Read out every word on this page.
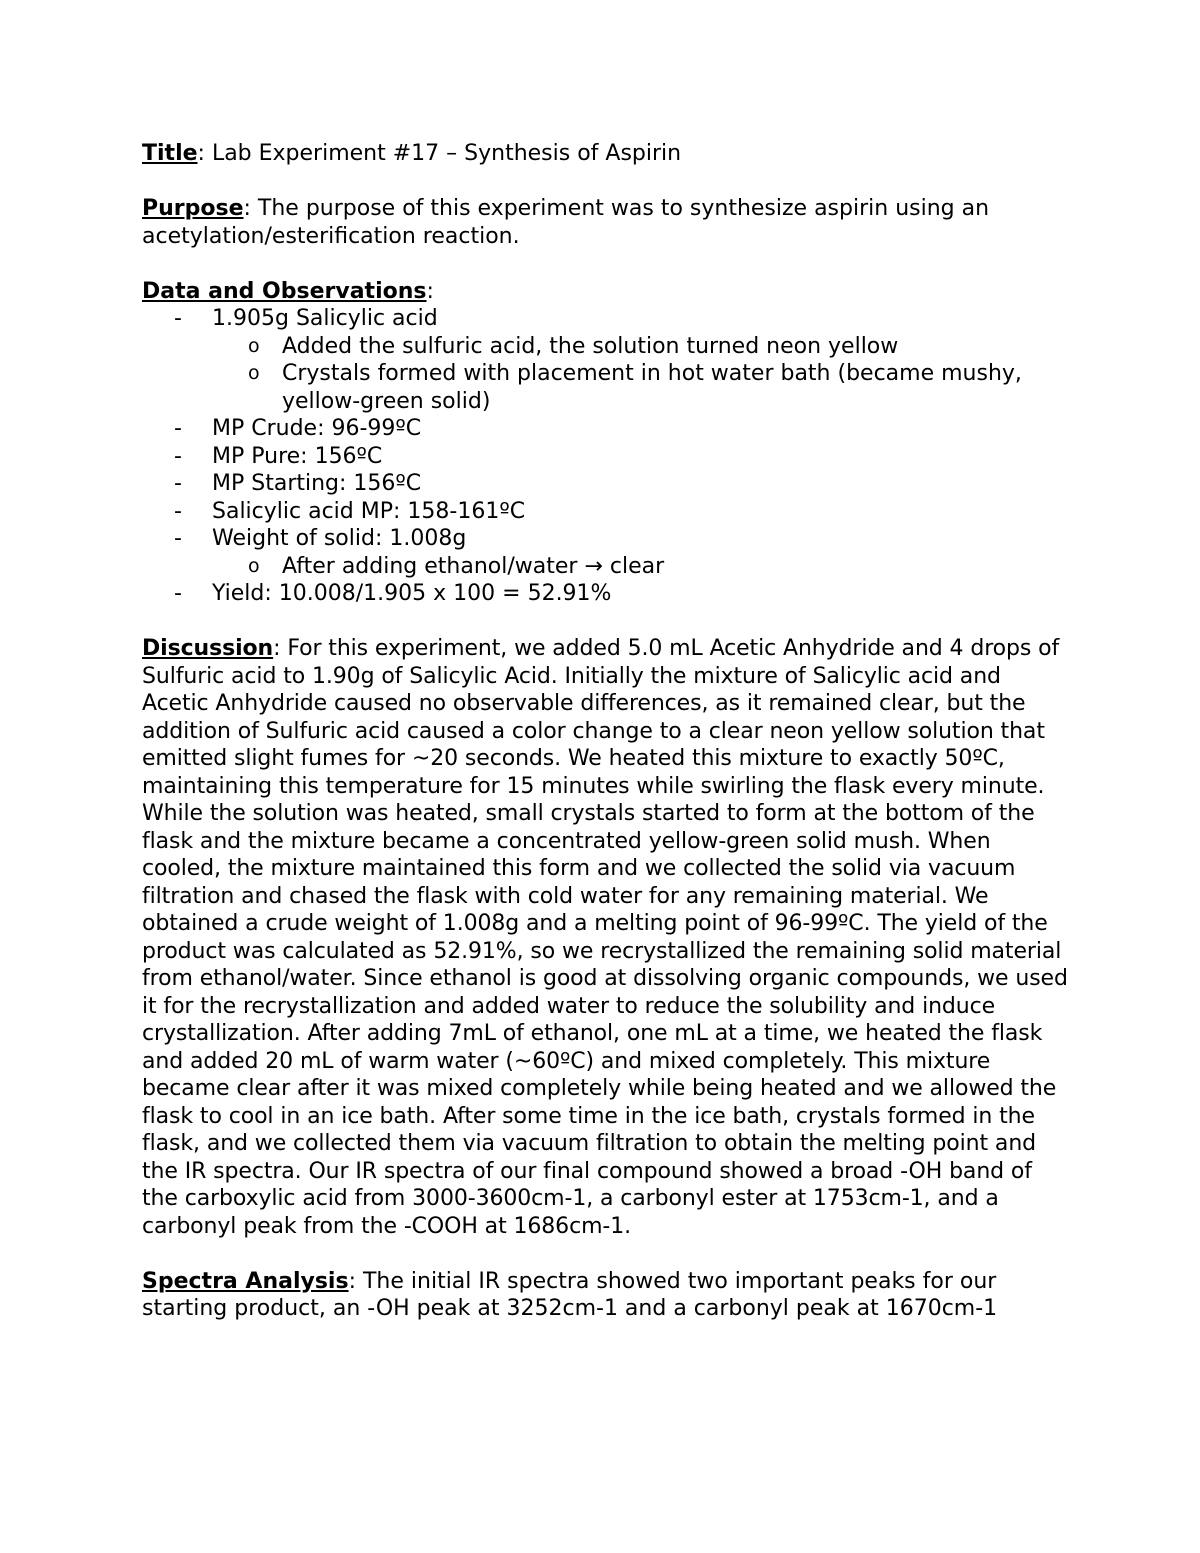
Title: Lab Experiment #17 – Synthesis of Aspirin

Purpose: The purpose of this experiment was to synthesize aspirin using an acetylation/esterification reaction.

Data and Observations:

- 1.905g Salicylic acid
o Added the sulfuric acid, the solution turned neon yellow
o Crystals formed with placement in hot water bath (became mushy, yellow-green solid)
- MP Crude: 96-99ºC
- MP Pure: 156ºC
- MP Starting: 156ºC
- Salicylic acid MP: 158-161ºC
- Weight of solid: 1.008g
o After adding ethanol/water → clear
- Yield: 10.008/1.905 x 100 = 52.91%

Discussion: For this experiment, we added 5.0 mL Acetic Anhydride and 4 drops of Sulfuric acid to 1.90g of Salicylic Acid. Initially the mixture of Salicylic acid and Acetic Anhydride caused no observable differences, as it remained clear, but the addition of Sulfuric acid caused a color change to a clear neon yellow solution that emitted slight fumes for ~20 seconds. We heated this mixture to exactly 50ºC, maintaining this temperature for 15 minutes while swirling the flask every minute. While the solution was heated, small crystals started to form at the bottom of the flask and the mixture became a concentrated yellow-green solid mush. When cooled, the mixture maintained this form and we collected the solid via vacuum filtration and chased the flask with cold water for any remaining material. We obtained a crude weight of 1.008g and a melting point of 96-99ºC. The yield of the product was calculated as 52.91%, so we recrystallized the remaining solid material from ethanol/water. Since ethanol is good at dissolving organic compounds, we used it for the recrystallization and added water to reduce the solubility and induce crystallization. After adding 7mL of ethanol, one mL at a time, we heated the flask and added 20 mL of warm water (~60ºC) and mixed completely. This mixture became clear after it was mixed completely while being heated and we allowed the flask to cool in an ice bath. After some time in the ice bath, crystals formed in the flask, and we collected them via vacuum filtration to obtain the melting point and the IR spectra. Our IR spectra of our final compound showed a broad -OH band of the carboxylic acid from 3000-3600cm-1, a carbonyl ester at 1753cm-1, and a carbonyl peak from the -COOH at 1686cm-1.

Spectra Analysis: The initial IR spectra showed two important peaks for our starting product, an -OH peak at 3252cm-1 and a carbonyl peak at 1670cm-1
